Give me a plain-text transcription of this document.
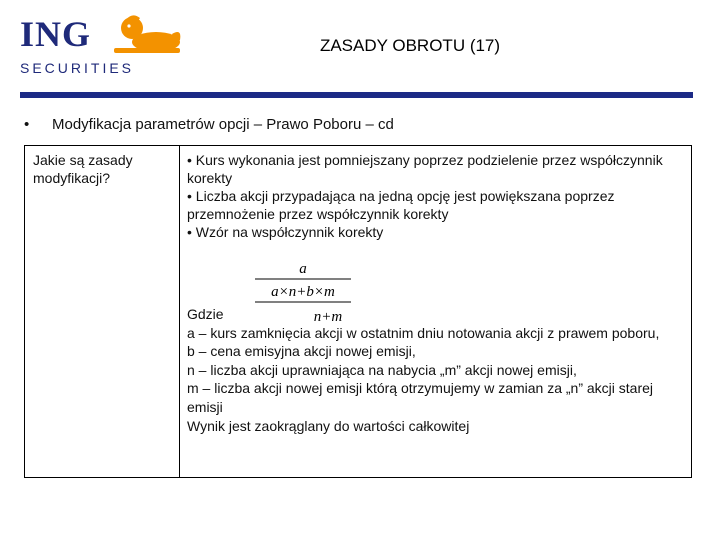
ING
SECURITIES
ZASADY OBROTU (17)
• Modyfikacja parametrów opcji – Prawo Poboru – cd
Jakie są zasady modyfikacji?

• Kurs wykonania jest pomniejszany poprzez podzielenie przez współczynnik korekty

• Liczba akcji przypadająca na jedną opcję jest powiększana poprzez przemnożenie przez współczynnik korekty

• Wzór na współczynnik korekty

a
a×n+b×m
n+m

Gdzie

a – kurs zamknięcia akcji w ostatnim dniu notowania akcji z prawem poboru,

b – cena emisyjna akcji nowej emisji,

n – liczba akcji uprawniająca na nabycia „m” akcji nowej emisji,

m – liczba akcji nowej emisji którą otrzymujemy w zamian za „n” akcji starej emisji

Wynik jest zaokrąglany do wartości całkowitej
